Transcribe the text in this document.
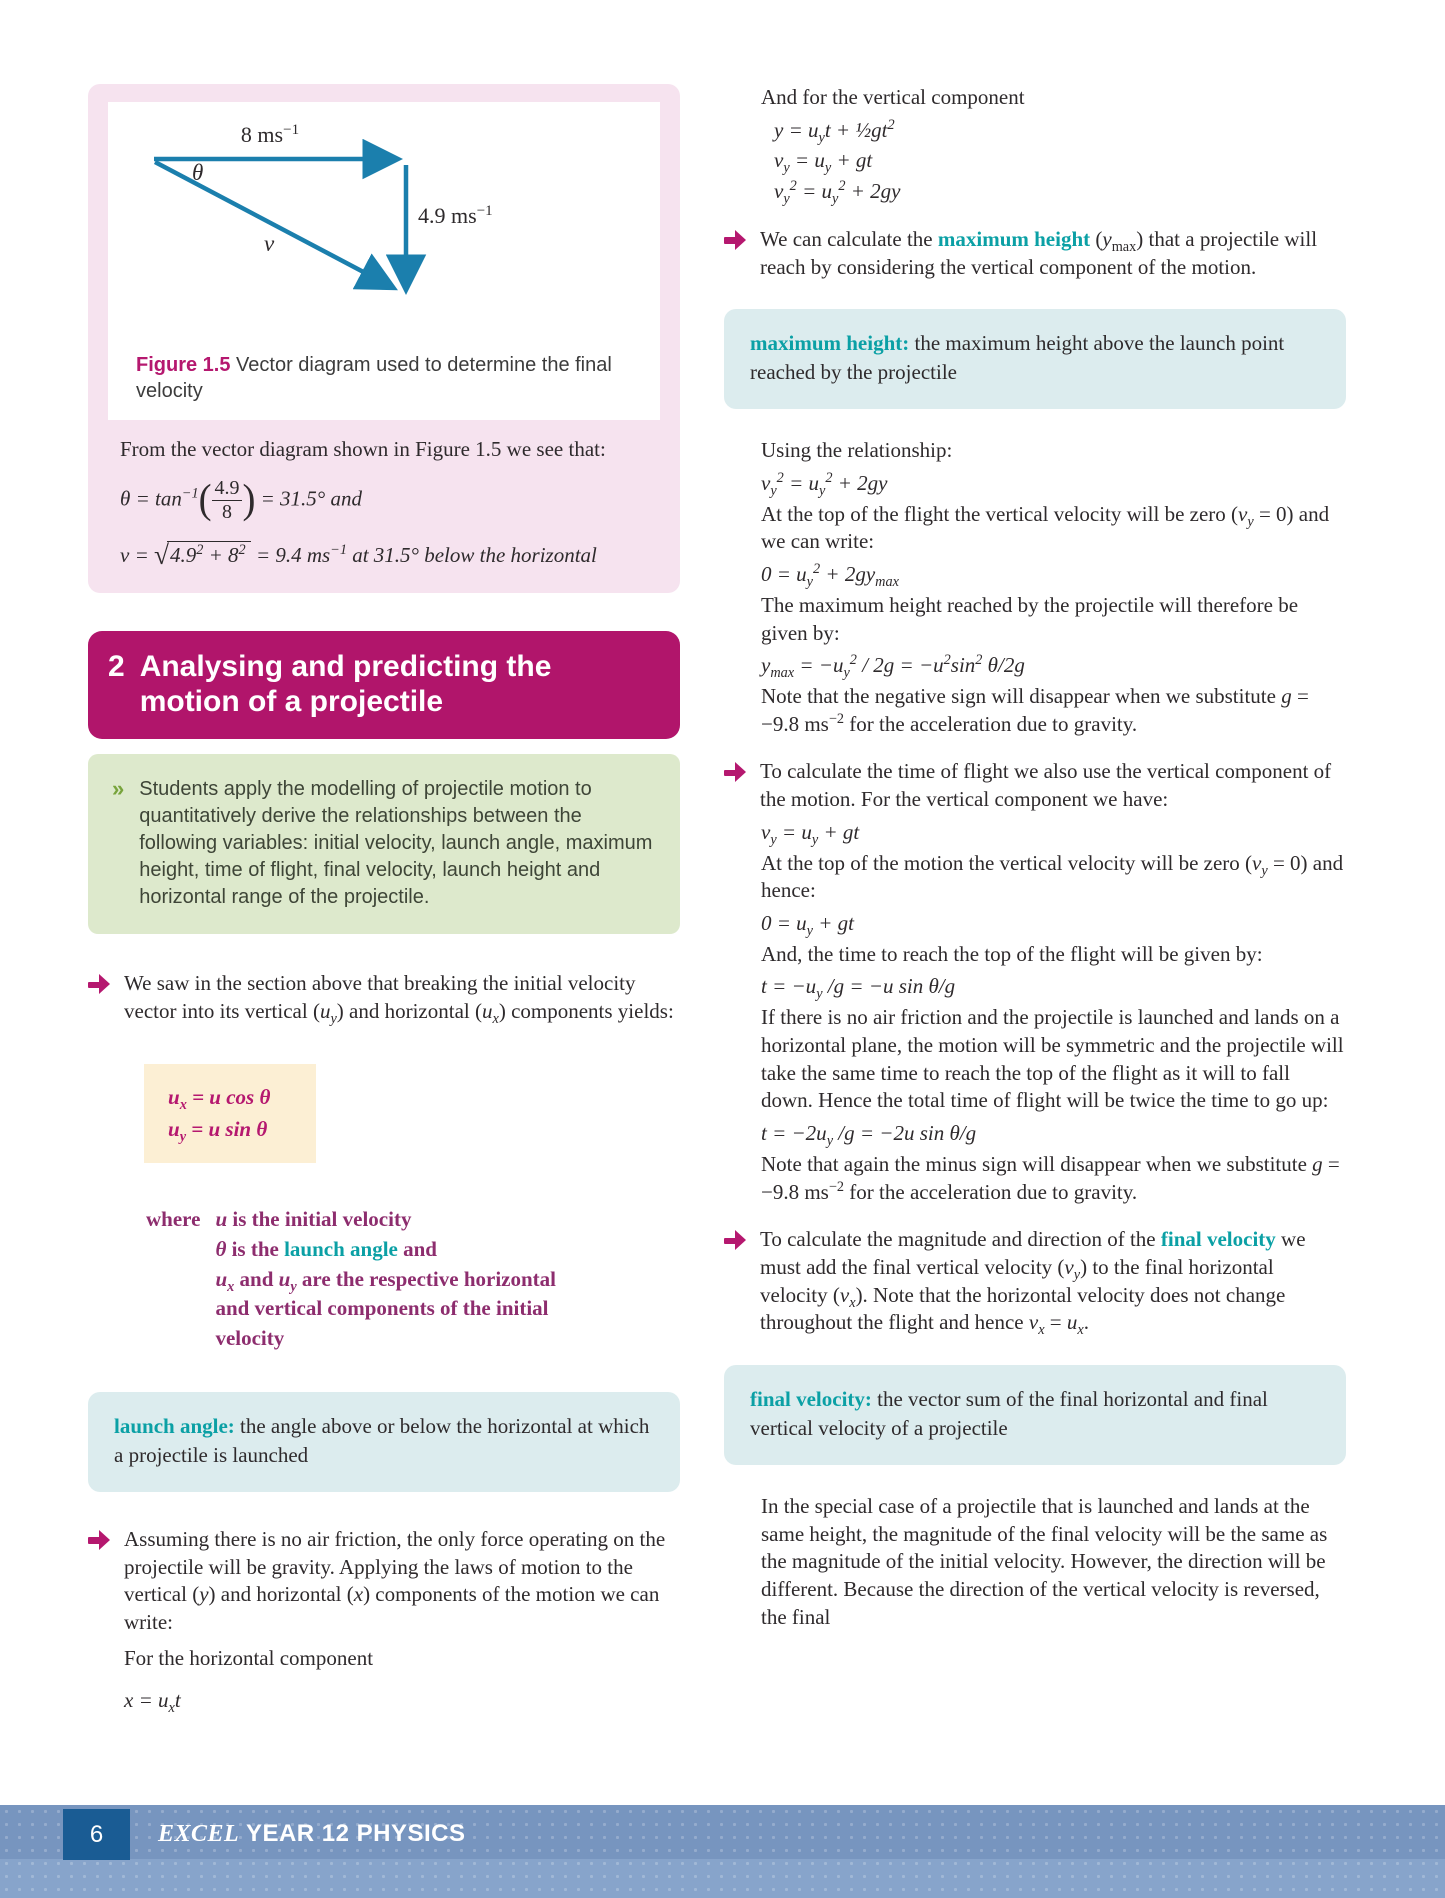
8 $ms^{-1}$
4.9 $ms^{-1}$
θ
v

Figure 1.5 Vector diagram used to determine the final velocity

From the vector diagram shown in Figure 1.5 we see that:

$\theta = \tan^{-1}( \frac{4.9}{8}$ ) = 31.5° and
$v = √4.9^2 + 8^2 = 9.4$ $ms^{-1}$ at 31.5° below the horizontal
2 Analysing and predicting the motion of a projectile
» Students apply the modelling of projectile motion to quantitatively derive the relationships between the following variables: initial velocity, launch angle, maximum height, time of flight, final velocity, launch height and horizontal range of the projectile.

We saw in the section above that breaking the initial velocity vector into its vertical $(u_y)$ and horizontal $(u_x)$ components yields:

$u_x = u$ cos θ
$u_y = u$ sin θ
where u is the initial velocity
θ is the launch angle and
$u_x$ and $u_y$ are the respective horizontal and vertical components of the initial velocity

launch angle: the angle above or below the horizontal at which a projectile is launched

Assuming there is no air friction, the only force operating on the projectile will be gravity. Applying the laws of motion to the vertical (y) and horizontal (x) components of the motion we can write:

For the horizontal component

$x = u_xt$

And for the vertical component

$y = u_yt$ + $\frac{1}{2}gt^2$
$v_y = u_y$ + gt
$v_y^2 = u_y^2 + 2gy$

We can calculate the maximum height $(y_{max})$ that a projectile will reach by considering the vertical component of the motion.

maximum height: the maximum height above the launch point reached by the projectile

Using the relationship:

$v_y^2 = u_y^2 + 2gy$

At the top of the flight the vertical velocity will be zero $(v_y = 0)$ and we can write:

$0 = u_y^2 + 2gy_{max}$

The maximum height reached by the projectile will therefore be given by:

$y_{max} = -u_y^2 / 2g = -u^2\sin^2$ θ/2g

Note that the negative sign will disappear when we substitute g = −9.8 $ms^{-2}$ for the acceleration due to gravity.

To calculate the time of flight we also use the vertical component of the motion. For the vertical component we have:

$v_y = u_y$ + gt

At the top of the motion the vertical velocity will be zero $(v_y = 0)$ and hence:

$0 = u_y$ + gt

And, the time to reach the top of the flight will be given by:

$t = -u_y$ /g = −u sin θ/g

If there is no air friction and the projectile is launched and lands on a horizontal plane, the motion will be symmetric and the projectile will take the same time to reach the top of the flight as it will to fall down. Hence the total time of flight will be twice the time to go up:

$t = -2u_y$ /g = −2u sin θ/g

Note that again the minus sign will disappear when we substitute g = −9.8 $ms^{-2}$ for the acceleration due to gravity.

To calculate the magnitude and direction of the final velocity we must add the final vertical velocity $(v_y)$ to the final horizontal velocity $(v_x)$. Note that the horizontal velocity does not change throughout the flight and hence $v_x = u_x$.

final velocity: the vector sum of the final horizontal and final vertical velocity of a projectile

In the special case of a projectile that is launched and lands at the same height, the magnitude of the final velocity will be the same as the magnitude of the initial velocity. However, the direction will be different. Because the direction of the vertical velocity is reversed, the final

6	EXCEL YEAR 12 PHYSICS
